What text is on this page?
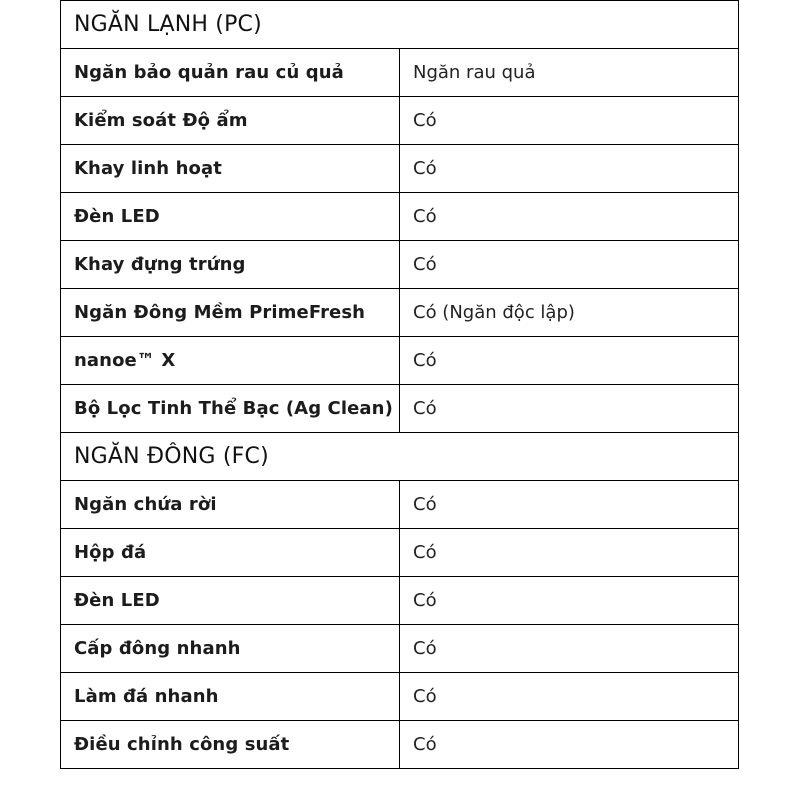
NGĂN LẠNH (PC)	
Ngăn bảo quản rau củ quả	Ngăn rau quả
Kiểm soát Độ ẩm	Có
Khay linh hoạt	Có
Đèn LED	Có
Khay đựng trứng	Có
Ngăn Đông Mềm PrimeFresh	Có (Ngăn độc lập)
nanoe™ X	Có
Bộ Lọc Tinh Thể Bạc (Ag Clean)	Có
NGĂN ĐÔNG (FC)	
Ngăn chứa rời	Có
Hộp đá	Có
Đèn LED	Có
Cấp đông nhanh	Có
Làm đá nhanh	Có
Điều chỉnh công suất	Có
